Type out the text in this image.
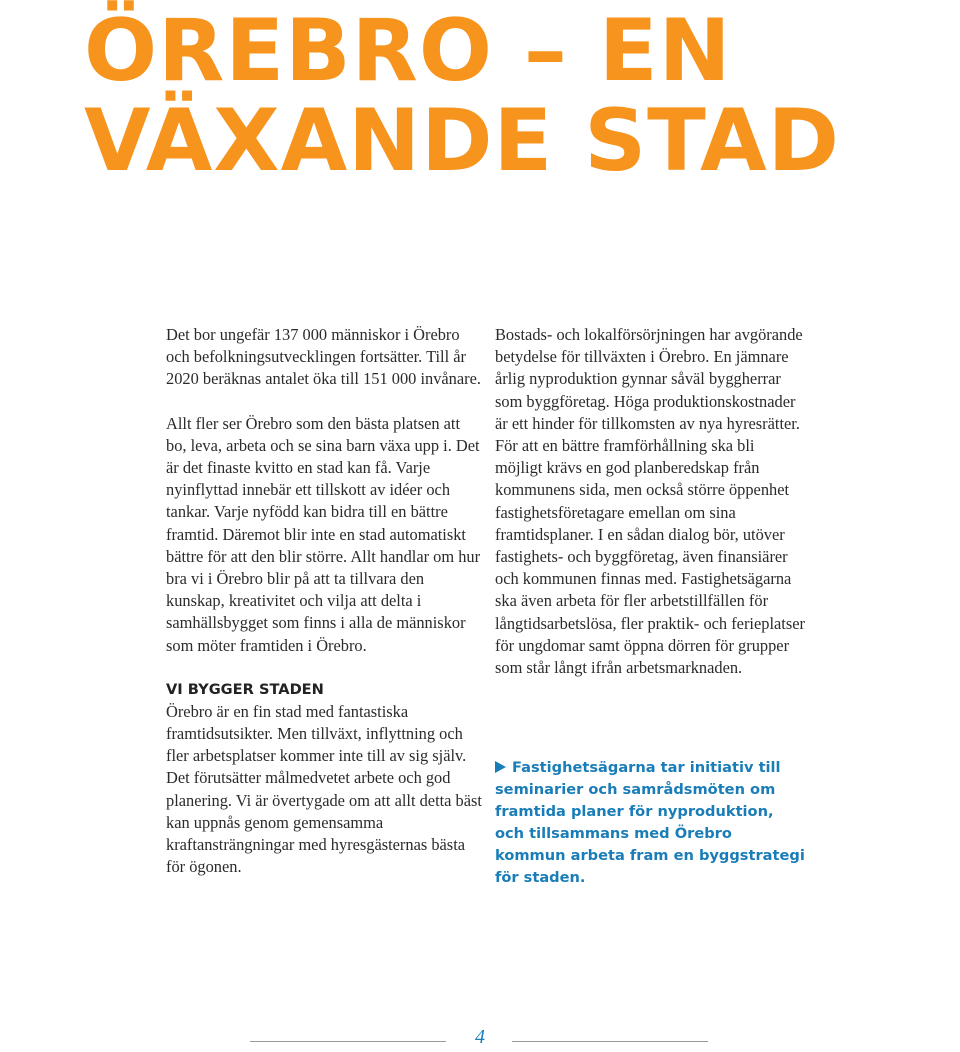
ÖREBRO – EN
VÄXANDE STAD

Det bor ungefär 137 000 människor i Örebro och befolkningsutvecklingen fortsätter. Till år 2020 beräknas antalet öka till 151 000 invånare.

Allt fler ser Örebro som den bästa platsen att bo, leva, arbeta och se sina barn växa upp i. Det är det finaste kvitto en stad kan få. Varje nyinflyttad innebär ett tillskott av idéer och tankar. Varje nyfödd kan bidra till en bättre framtid. Däremot blir inte en stad automatiskt bättre för att den blir större. Allt handlar om hur bra vi i Örebro blir på att ta tillvara den kunskap, kreativitet och vilja att delta i samhällsbygget som finns i alla de människor som möter framtiden i Örebro.

VI BYGGER STADEN

Örebro är en fin stad med fantastiska framtidsutsikter. Men tillväxt, inflyttning och fler arbetsplatser kommer inte till av sig själv. Det förutsätter målmedvetet arbete och god planering. Vi är övertygade om att allt detta bäst kan uppnås genom gemensamma kraftansträngningar med hyresgästernas bästa för ögonen.

Bostads- och lokalförsörjningen har avgörande betydelse för tillväxten i Örebro. En jämnare årlig nyproduktion gynnar såväl byggherrar som byggföretag. Höga produktionskostnader är ett hinder för tillkomsten av nya hyresrätter. För att en bättre framförhållning ska bli möjligt krävs en god planberedskap från kommunens sida, men också större öppenhet fastighetsföretagare emellan om sina framtidsplaner. I en sådan dialog bör, utöver fastighets- och byggföretag, även finansiärer och kommunen finnas med. Fastighetsägarna ska även arbeta för fler arbetstillfällen för långtidsarbetslösa, fler praktik- och ferieplatser för ungdomar samt öppna dörren för grupper som står långt ifrån arbetsmarknaden.

Fastighetsägarna tar initiativ till seminarier och samrådsmöten om framtida planer för nyproduktion, och tillsammans med Örebro kommun arbeta fram en byggstrategi för staden.
4
